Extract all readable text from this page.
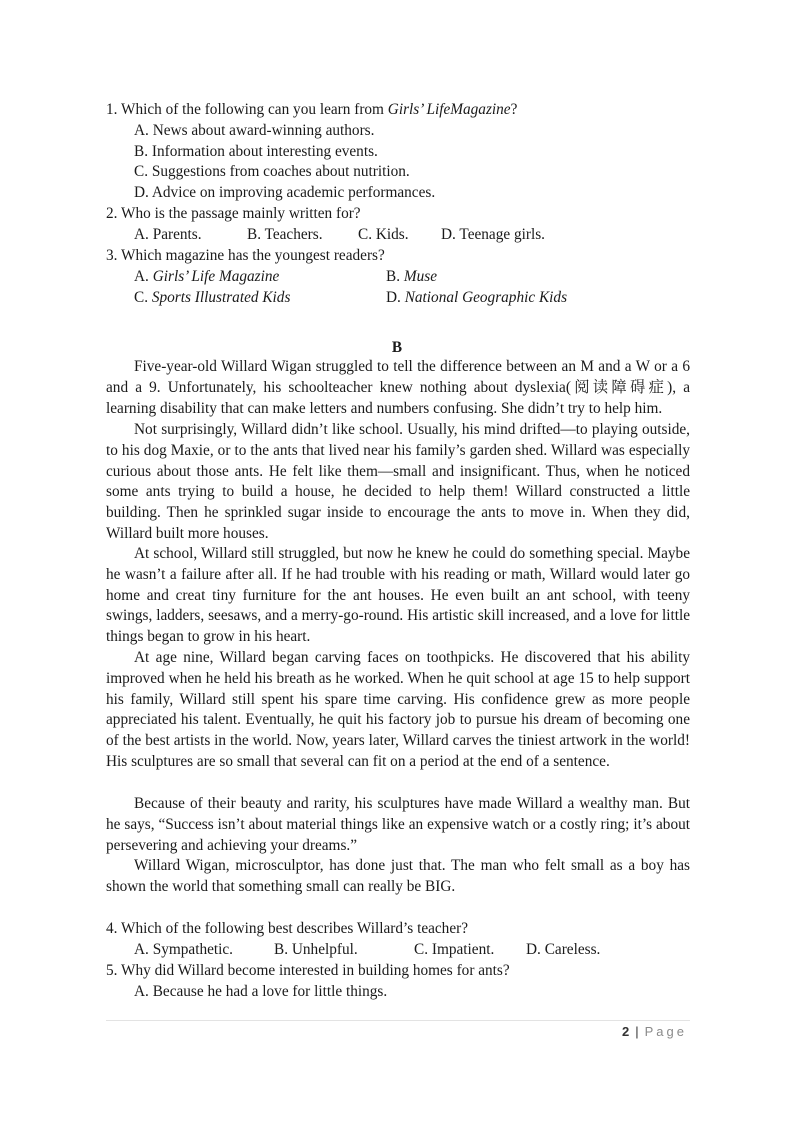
1. Which of the following can you learn from Girls’ LifeMagazine?
A. News about award-winning authors.
B. Information about interesting events.
C. Suggestions from coaches about nutrition.
D. Advice on improving academic performances.
2. Who is the passage mainly written for?
A. Parents.	B. Teachers. C. Kids. D. Teenage girls.
3. Which magazine has the youngest readers?
A. Girls’ Life Magazine	B. Muse
C. Sports Illustrated Kids	D. National Geographic Kids
B

Five-year-old Willard Wigan struggled to tell the difference between an M and a W or a 6 and a 9. Unfortunately, his schoolteacher knew nothing about dyslexia(阅读障碍症), a learning disability that can make letters and numbers confusing. She didn’t try to help him.

Not surprisingly, Willard didn’t like school. Usually, his mind drifted—to playing outside, to his dog Maxie, or to the ants that lived near his family’s garden shed. Willard was especially curious about those ants. He felt like them—small and insignificant. Thus, when he noticed some ants trying to build a house, he decided to help them! Willard constructed a little building. Then he sprinkled sugar inside to encourage the ants to move in. When they did, Willard built more houses.

At school, Willard still struggled, but now he knew he could do something special. Maybe he wasn’t a failure after all. If he had trouble with his reading or math, Willard would later go home and creat tiny furniture for the ant houses. He even built an ant school, with teeny swings, ladders, seesaws, and a merry-go-round. His artistic skill increased, and a love for little things began to grow in his heart.

At age nine, Willard began carving faces on toothpicks. He discovered that his ability improved when he held his breath as he worked. When he quit school at age 15 to help support his family, Willard still spent his spare time carving. His confidence grew as more people appreciated his talent. Eventually, he quit his factory job to pursue his dream of becoming one of the best artists in the world. Now, years later, Willard carves the tiniest artwork in the world! His sculptures are so small that several can fit on a period at the end of a sentence.

Because of their beauty and rarity, his sculptures have made Willard a wealthy man. But he says, “Success isn’t about material things like an expensive watch or a costly ring; it’s about persevering and achieving your dreams.”

Willard Wigan, microsculptor, has done just that. The man who felt small as a boy has shown the world that something small can really be BIG.

4. Which of the following best describes Willard’s teacher?
A. Sympathetic.	B. Unhelpful.	C. Impatient. D. Careless.
5. Why did Willard become interested in building homes for ants?
A. Because he had a love for little things.
2 | Page
